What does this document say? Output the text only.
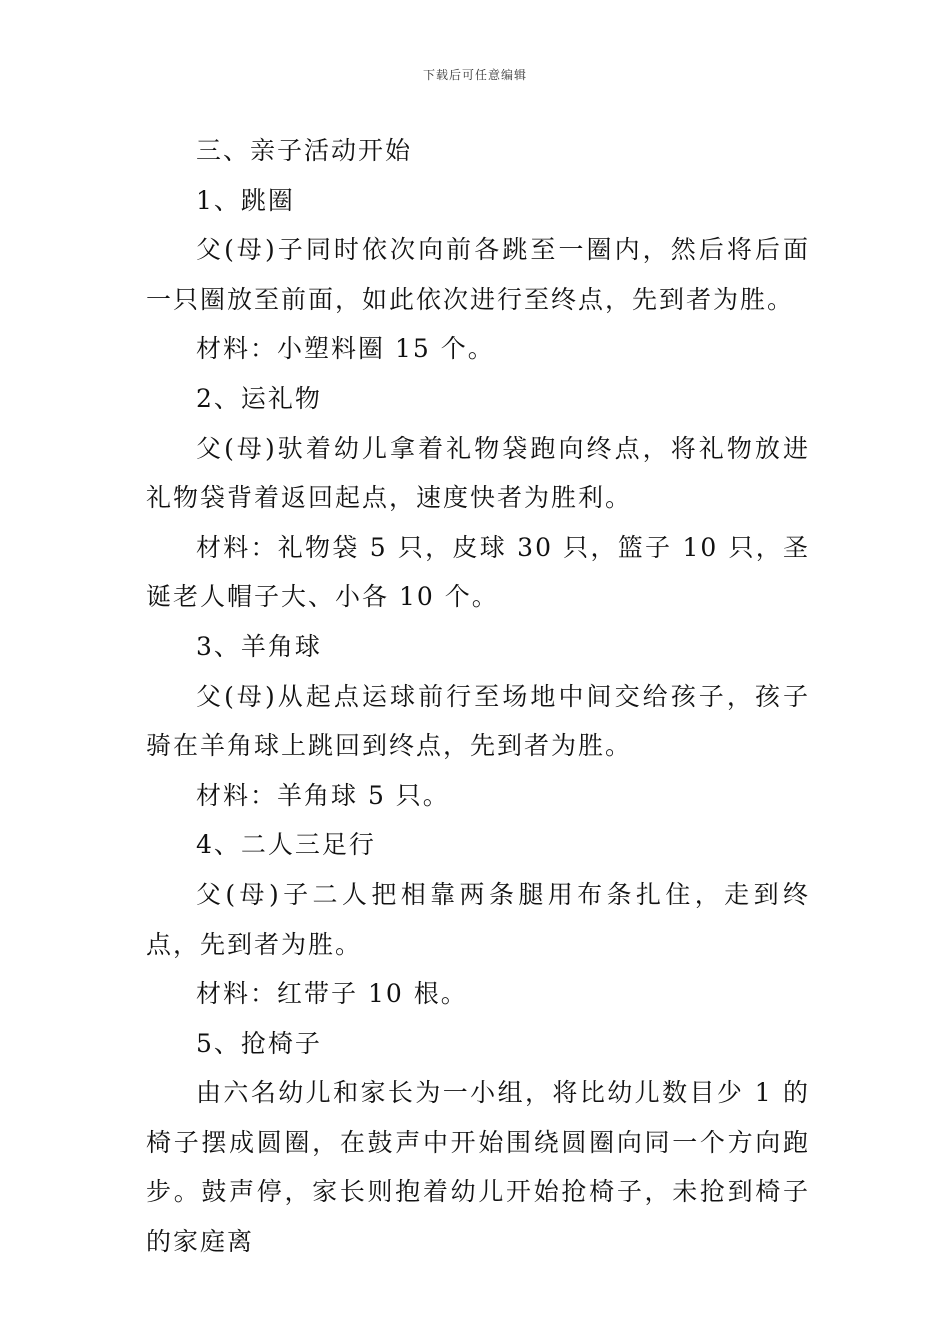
下载后可任意编辑

三、亲子活动开始

1、跳圈

父(母)子同时依次向前各跳至一圈内，然后将后面一只圈放至前面，如此依次进行至终点，先到者为胜。

材料：小塑料圈 15 个。

2、运礼物

父(母)驮着幼儿拿着礼物袋跑向终点，将礼物放进礼物袋背着返回起点，速度快者为胜利。

材料：礼物袋 5 只，皮球 30 只，篮子 10 只，圣诞老人帽子大、小各 10 个。

3、羊角球

父(母)从起点运球前行至场地中间交给孩子，孩子骑在羊角球上跳回到终点，先到者为胜。

材料：羊角球 5 只。

4、二人三足行

父(母)子二人把相靠两条腿用布条扎住，走到终点，先到者为胜。

材料：红带子 10 根。

5、抢椅子

由六名幼儿和家长为一小组，将比幼儿数目少 1 的椅子摆成圆圈，在鼓声中开始围绕圆圈向同一个方向跑步。鼓声停，家长则抱着幼儿开始抢椅子，未抢到椅子的家庭离
